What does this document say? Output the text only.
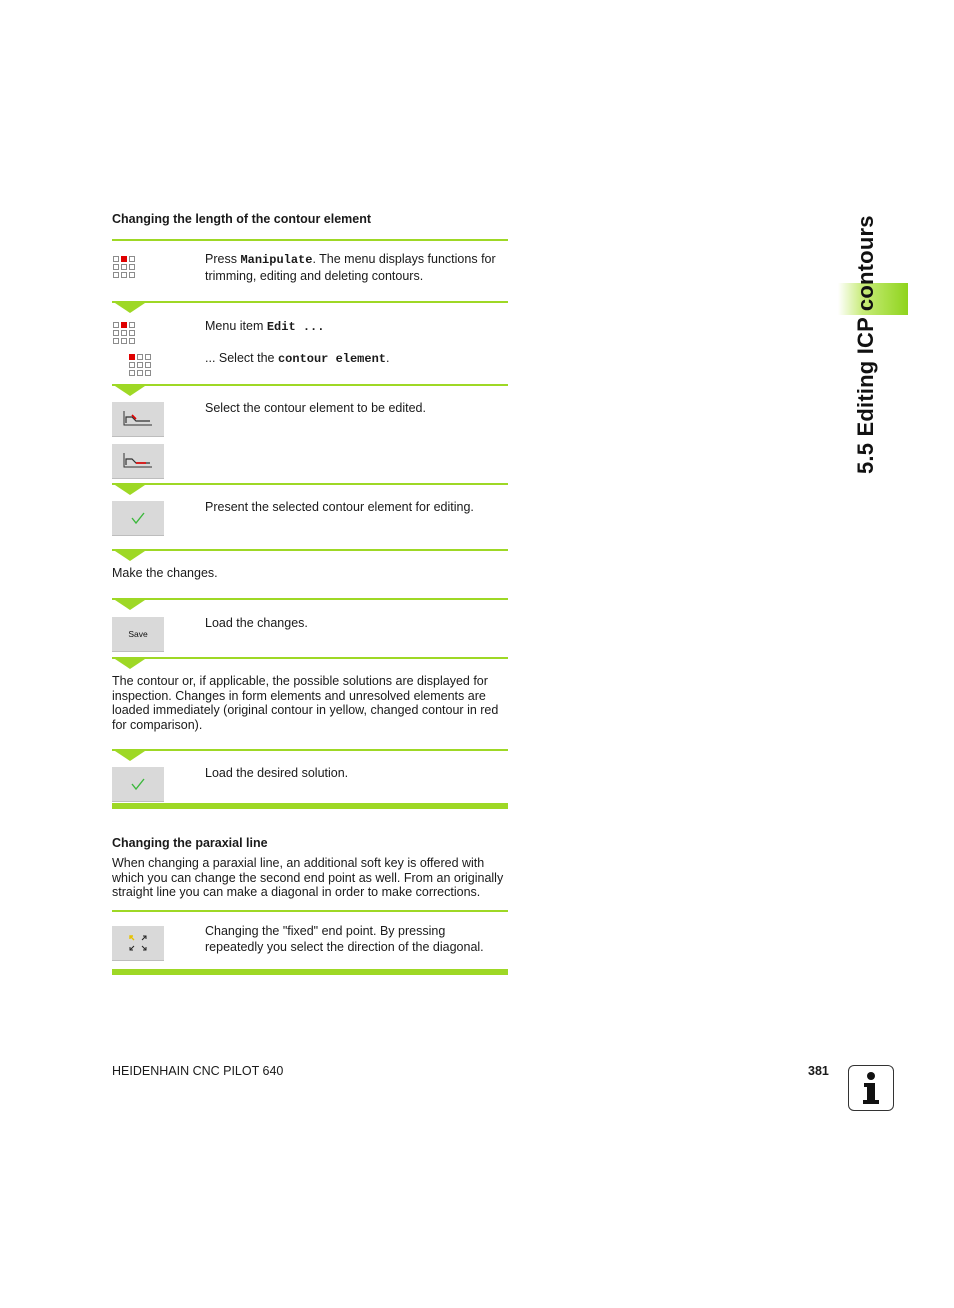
Changing the length of the contour element
Press Manipulate. The menu displays functions for trimming, editing and deleting contours.
Menu item Edit ...
... Select the contour element.
Select the contour element to be edited.
Present the selected contour element for editing.
Make the changes.
Save
Load the changes.
The contour or, if applicable, the possible solutions are displayed for inspection. Changes in form elements and unresolved elements are loaded immediately (original contour in yellow, changed contour in red for comparison).
Load the desired solution.
Changing the paraxial line
When changing a paraxial line, an additional soft key is offered with which you can change the second end point as well. From an originally straight line you can make a diagonal in order to make corrections.
Changing the "fixed" end point. By pressing repeatedly you select the direction of the diagonal.
5.5 Editing ICP contours
HEIDENHAIN CNC PILOT 640	381
